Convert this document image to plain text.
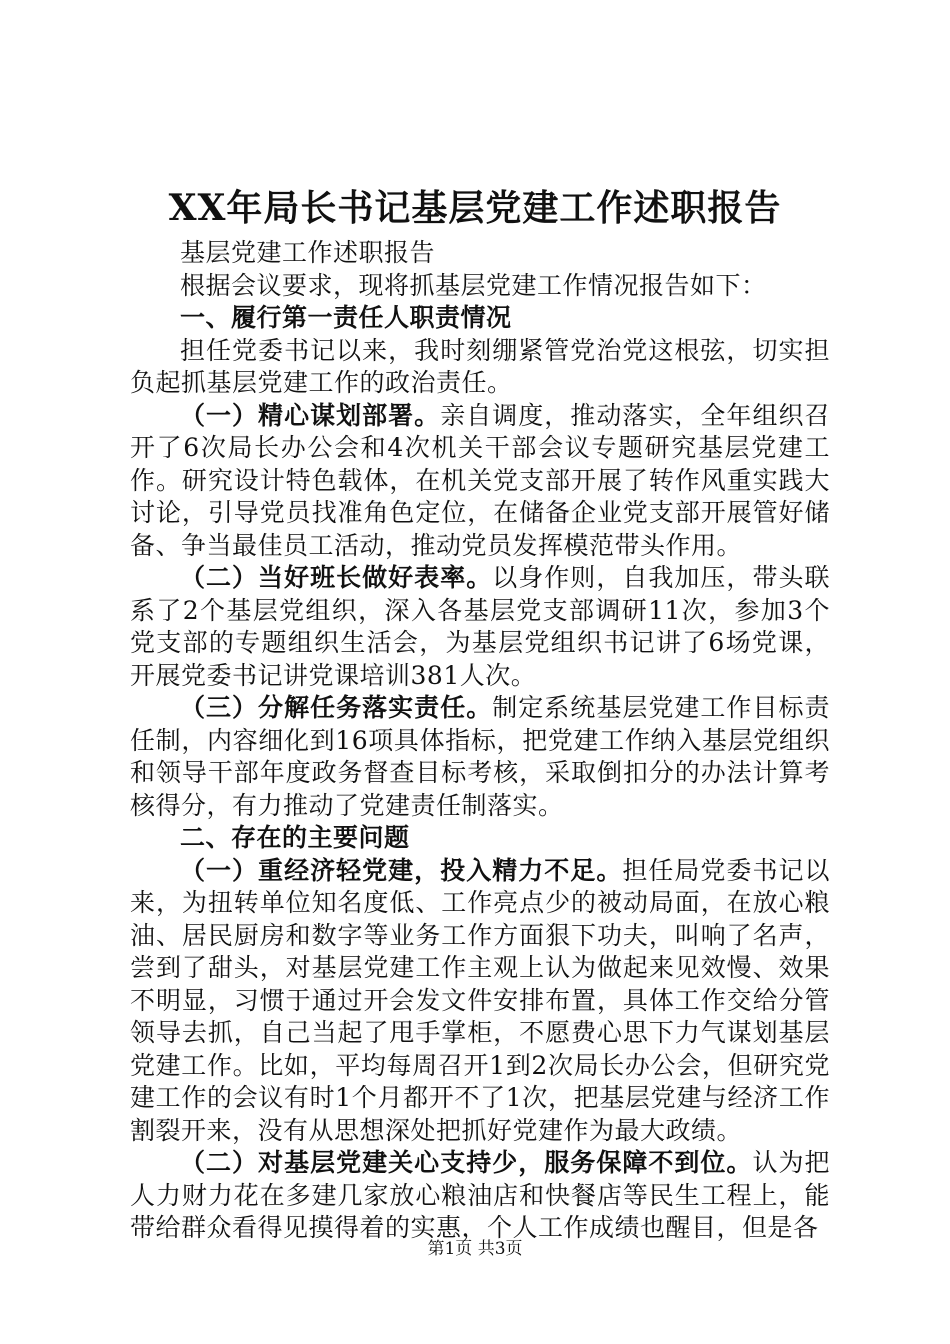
XX年局长书记基层党建工作述职报告

基层党建工作述职报告

根据会议要求，现将抓基层党建工作情况报告如下：

一、履行第一责任人职责情况

担任党委书记以来，我时刻绷紧管党治党这根弦，切实担负起抓基层党建工作的政治责任。

（一）精心谋划部署。亲自调度，推动落实，全年组织召开了6次局长办公会和4次机关干部会议专题研究基层党建工作。研究设计特色载体，在机关党支部开展了转作风重实践大讨论，引导党员找准角色定位，在储备企业党支部开展管好储备、争当最佳员工活动，推动党员发挥模范带头作用。

（二）当好班长做好表率。以身作则，自我加压，带头联系了2个基层党组织，深入各基层党支部调研11次，参加3个党支部的专题组织生活会，为基层党组织书记讲了6场党课，开展党委书记讲党课培训381人次。

（三）分解任务落实责任。制定系统基层党建工作目标责任制，内容细化到16项具体指标，把党建工作纳入基层党组织和领导干部年度政务督查目标考核，采取倒扣分的办法计算考核得分，有力推动了党建责任制落实。

二、存在的主要问题

（一）重经济轻党建，投入精力不足。担任局党委书记以来，为扭转单位知名度低、工作亮点少的被动局面，在放心粮油、居民厨房和数字等业务工作方面狠下功夫，叫响了名声，尝到了甜头，对基层党建工作主观上认为做起来见效慢、效果不明显，习惯于通过开会发文件安排布置，具体工作交给分管领导去抓，自己当起了甩手掌柜，不愿费心思下力气谋划基层党建工作。比如，平均每周召开1到2次局长办公会，但研究党建工作的会议有时1个月都开不了1次，把基层党建与经济工作割裂开来，没有从思想深处把抓好党建作为最大政绩。

（二）对基层党建关心支持少，服务保障不到位。认为把人力财力花在多建几家放心粮油店和快餐店等民生工程上，能带给群众看得见摸得着的实惠，个人工作成绩也醒目，但是各

第1页 共3页
